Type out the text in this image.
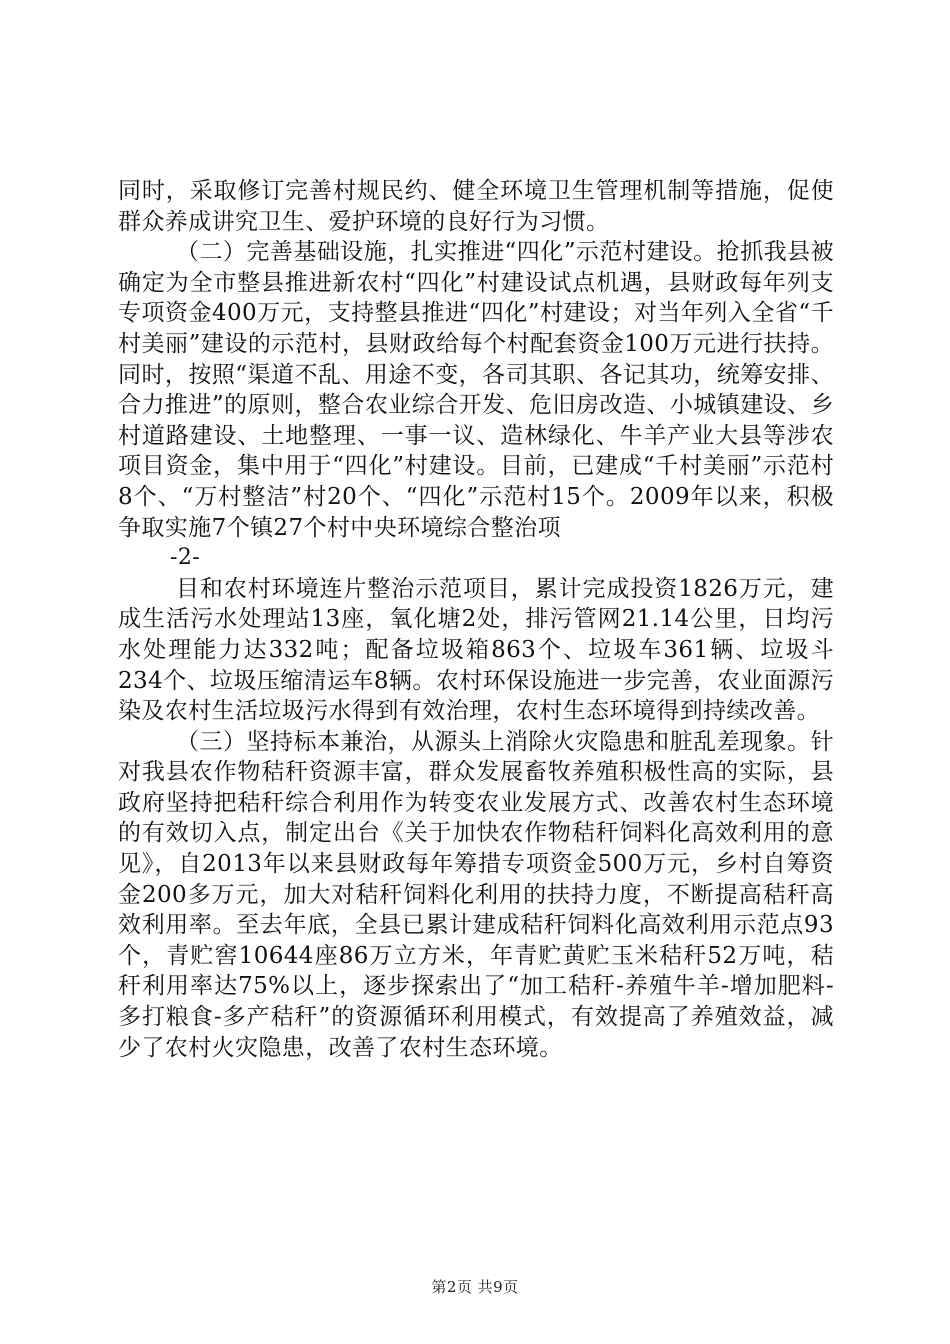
同时，采取修订完善村规民约、健全环境卫生管理机制等措施，促使群众养成讲究卫生、爱护环境的良好行为习惯。

（二）完善基础设施，扎实推进“四化”示范村建设。抢抓我县被确定为全市整县推进新农村“四化”村建设试点机遇，县财政每年列支专项资金400万元，支持整县推进“四化”村建设；对当年列入全省“千村美丽”建设的示范村，县财政给每个村配套资金100万元进行扶持。同时，按照“渠道不乱、用途不变，各司其职、各记其功，统筹安排、合力推进”的原则，整合农业综合开发、危旧房改造、小城镇建设、乡村道路建设、土地整理、一事一议、造林绿化、牛羊产业大县等涉农项目资金，集中用于“四化”村建设。目前，已建成“千村美丽”示范村8个、“万村整洁”村20个、“四化”示范村15个。2009年以来，积极争取实施7个镇27个村中央环境综合整治项

-2-

目和农村环境连片整治示范项目，累计完成投资1826万元，建成生活污水处理站13座，氧化塘2处，排污管网21.14公里，日均污水处理能力达332吨；配备垃圾箱863个、垃圾车361辆、垃圾斗234个、垃圾压缩清运车8辆。农村环保设施进一步完善，农业面源污染及农村生活垃圾污水得到有效治理，农村生态环境得到持续改善。

（三）坚持标本兼治，从源头上消除火灾隐患和脏乱差现象。针对我县农作物秸秆资源丰富，群众发展畜牧养殖积极性高的实际，县政府坚持把秸秆综合利用作为转变农业发展方式、改善农村生态环境的有效切入点，制定出台《关于加快农作物秸秆饲料化高效利用的意见》，自2013年以来县财政每年筹措专项资金500万元，乡村自筹资金200多万元，加大对秸秆饲料化利用的扶持力度，不断提高秸秆高效利用率。至去年底，全县已累计建成秸秆饲料化高效利用示范点93个，青贮窖10644座86万立方米，年青贮黄贮玉米秸秆52万吨，秸秆利用率达75%以上，逐步探索出了“加工秸秆-养殖牛羊-增加肥料-多打粮食-多产秸秆”的资源循环利用模式，有效提高了养殖效益，减少了农村火灾隐患，改善了农村生态环境。

第2页 共9页
